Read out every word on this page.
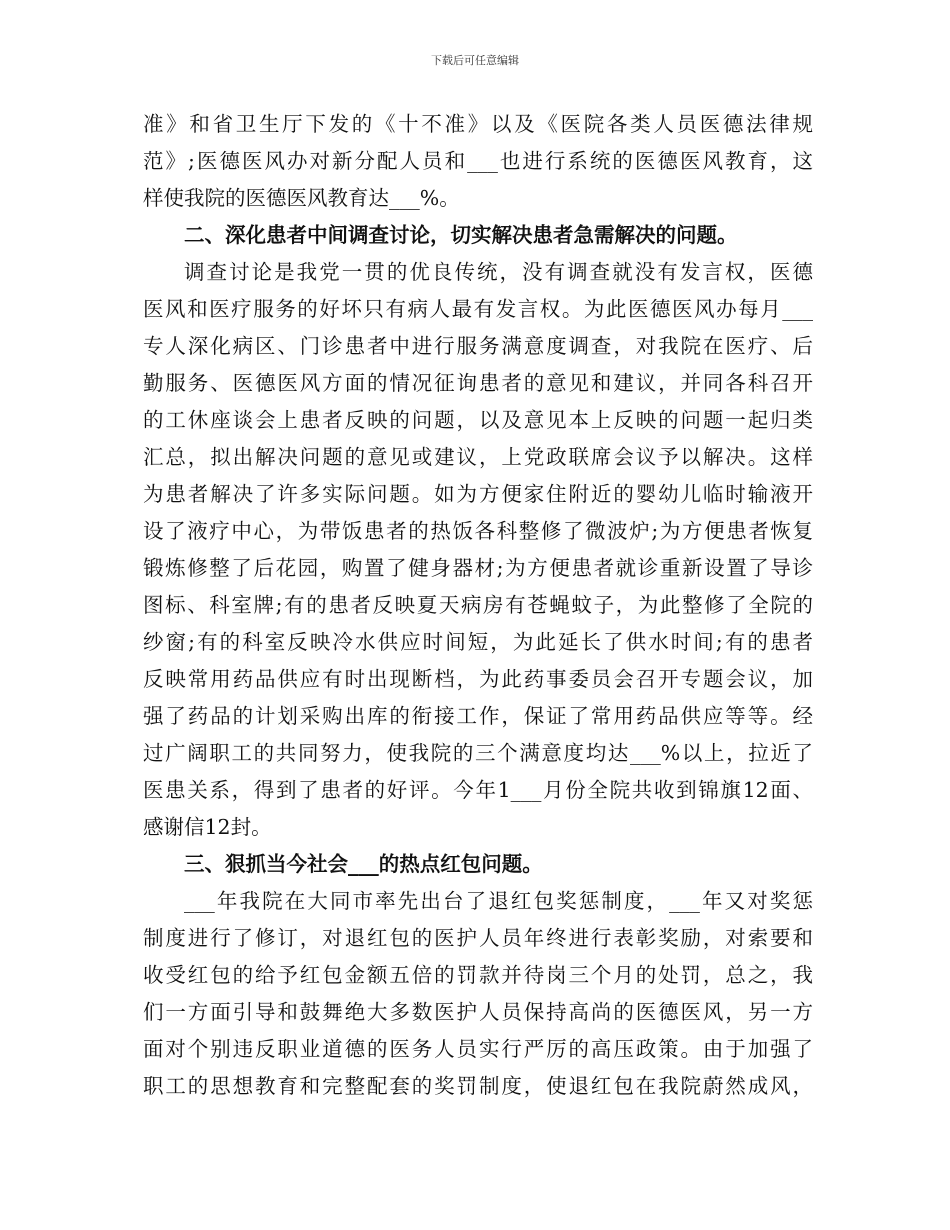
下载后可任意编辑
准》和省卫生厅下发的《十不准》以及《医院各类人员医德法律规
范》;医德医风办对新分配人员和___也进行系统的医德医风教育，这
样使我院的医德医风教育达___%。
二、深化患者中间调查讨论，切实解决患者急需解决的问题。
调查讨论是我党一贯的优良传统，没有调查就没有发言权，医德
医风和医疗服务的好坏只有病人最有发言权。为此医德医风办每月___
专人深化病区、门诊患者中进行服务满意度调查，对我院在医疗、后
勤服务、医德医风方面的情况征询患者的意见和建议，并同各科召开
的工休座谈会上患者反映的问题，以及意见本上反映的问题一起归类
汇总，拟出解决问题的意见或建议，上党政联席会议予以解决。这样
为患者解决了许多实际问题。如为方便家住附近的婴幼儿临时输液开
设了液疗中心，为带饭患者的热饭各科整修了微波炉;为方便患者恢复
锻炼修整了后花园，购置了健身器材;为方便患者就诊重新设置了导诊
图标、科室牌;有的患者反映夏天病房有苍蝇蚊子，为此整修了全院的
纱窗;有的科室反映冷水供应时间短，为此延长了供水时间;有的患者
反映常用药品供应有时出现断档，为此药事委员会召开专题会议，加
强了药品的计划采购出库的衔接工作，保证了常用药品供应等等。经
过广阔职工的共同努力，使我院的三个满意度均达___%以上，拉近了
医患关系，得到了患者的好评。今年1___月份全院共收到锦旗12面、
感谢信12封。
三、狠抓当今社会___的热点红包问题。
___年我院在大同市率先出台了退红包奖惩制度，___年又对奖惩
制度进行了修订，对退红包的医护人员年终进行表彰奖励，对索要和
收受红包的给予红包金额五倍的罚款并待岗三个月的处罚，总之，我
们一方面引导和鼓舞绝大多数医护人员保持高尚的医德医风，另一方
面对个别违反职业道德的医务人员实行严厉的高压政策。由于加强了
职工的思想教育和完整配套的奖罚制度，使退红包在我院蔚然成风，
